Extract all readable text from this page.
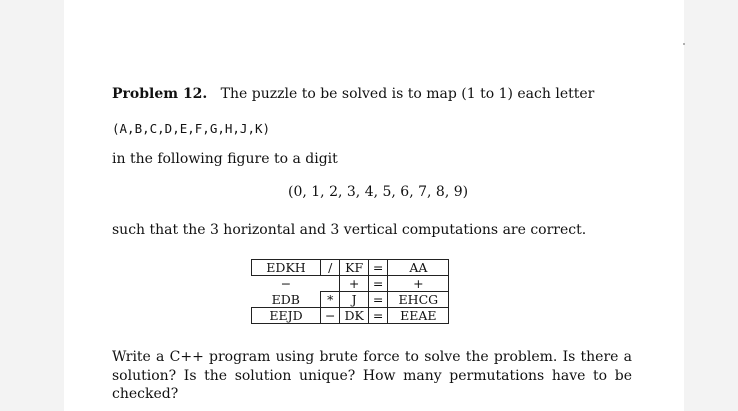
Problem 12. The puzzle to be solved is to map (1 to 1) each letter
(A,B,C,D,E,F,G,H,J,K)
in the following figure to a digit
(0, 1, 2, 3, 4, 5, 6, 7, 8, 9)
such that the 3 horizontal and 3 vertical computations are correct.
EDKH	/	KF	=	AA
−		+	=	+
EDB	*	J	=	EHCG
EEJD	−	DK	=	EEAE
Write a C++ program using brute force to solve the problem. Is there a solution? Is the solution unique? How many permutations have to be checked?
